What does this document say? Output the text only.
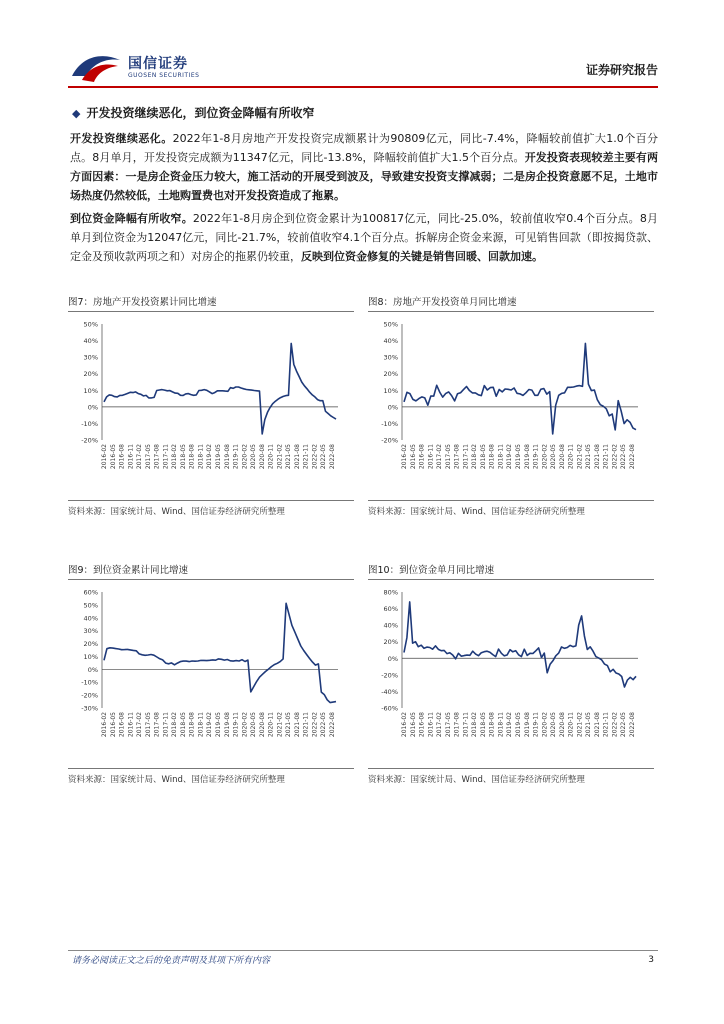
国信证券
GUOSEN SECURITIES	证券研究报告
◆ 开发投资继续恶化，到位资金降幅有所收窄
开发投资继续恶化。2022年1-8月房地产开发投资完成额累计为90809亿元，同比-7.4%，降幅较前值扩大1.0个百分点。8月单月，开发投资完成额为11347亿元，同比-13.8%，降幅较前值扩大1.5个百分点。开发投资表现较差主要有两方面因素：一是房企资金压力较大，施工活动的开展受到波及，导致建安投资支撑减弱；二是房企投资意愿不足，土地市场热度仍然较低，土地购置费也对开发投资造成了拖累。
到位资金降幅有所收窄。2022年1-8月房企到位资金累计为100817亿元，同比-25.0%，较前值收窄0.4个百分点。8月单月到位资金为12047亿元，同比-21.7%，较前值收窄4.1个百分点。拆解房企资金来源，可见销售回款（即按揭贷款、定金及预收款两项之和）对房企的拖累仍较重，反映到位资金修复的关键是销售回暖、回款加速。
图7：房地产开发投资累计同比增速
-20%
-10%
0%
10%
20%
30%
40%
50%
2016-02 2016-05 2016-08 2016-11 2017-02 2017-05 2017-08 2017-11 2018-02 2018-05 2018-08 2018-11 2019-02 2019-05 2019-08 2019-11 2020-02 2020-05 2020-08 2020-11 2021-02 2021-05 2021-08 2021-11 2022-02 2022-05 2022-08
资料来源：国家统计局、Wind、国信证券经济研究所整理
图8：房地产开发投资单月同比增速
-20%
-10%
0%
10%
20%
30%
40%
50%
2016-02 2016-05 2016-08 2016-11 2017-02 2017-05 2017-08 2017-11 2018-02 2018-05 2018-08 2018-11 2019-02 2019-05 2019-08 2019-11 2020-02 2020-05 2020-08 2020-11 2021-02 2021-05 2021-08 2021-11 2022-02 2022-05 2022-08
资料来源：国家统计局、Wind、国信证券经济研究所整理
图9：到位资金累计同比增速
-30%
-20%
-10%
0%
10%
20%
30%
40%
50%
60%
2016-02 2016-05 2016-08 2016-11 2017-02 2017-05 2017-08 2017-11 2018-02 2018-05 2018-08 2018-11 2019-02 2019-05 2019-08 2019-11 2020-02 2020-05 2020-08 2020-11 2021-02 2021-05 2021-08 2021-11 2022-02 2022-05 2022-08
资料来源：国家统计局、Wind、国信证券经济研究所整理
图10：到位资金单月同比增速
-60%
-40%
-20%
0%
20%
40%
60%
80%
2016-02 2016-05 2016-08 2016-11 2017-02 2017-05 2017-08 2017-11 2018-02 2018-05 2018-08 2018-11 2019-02 2019-05 2019-08 2019-11 2020-02 2020-05 2020-08 2020-11 2021-02 2021-05 2021-08 2021-11 2022-02 2022-05 2022-08
资料来源：国家统计局、Wind、国信证券经济研究所整理
请务必阅读正文之后的免责声明及其项下所有内容	3
